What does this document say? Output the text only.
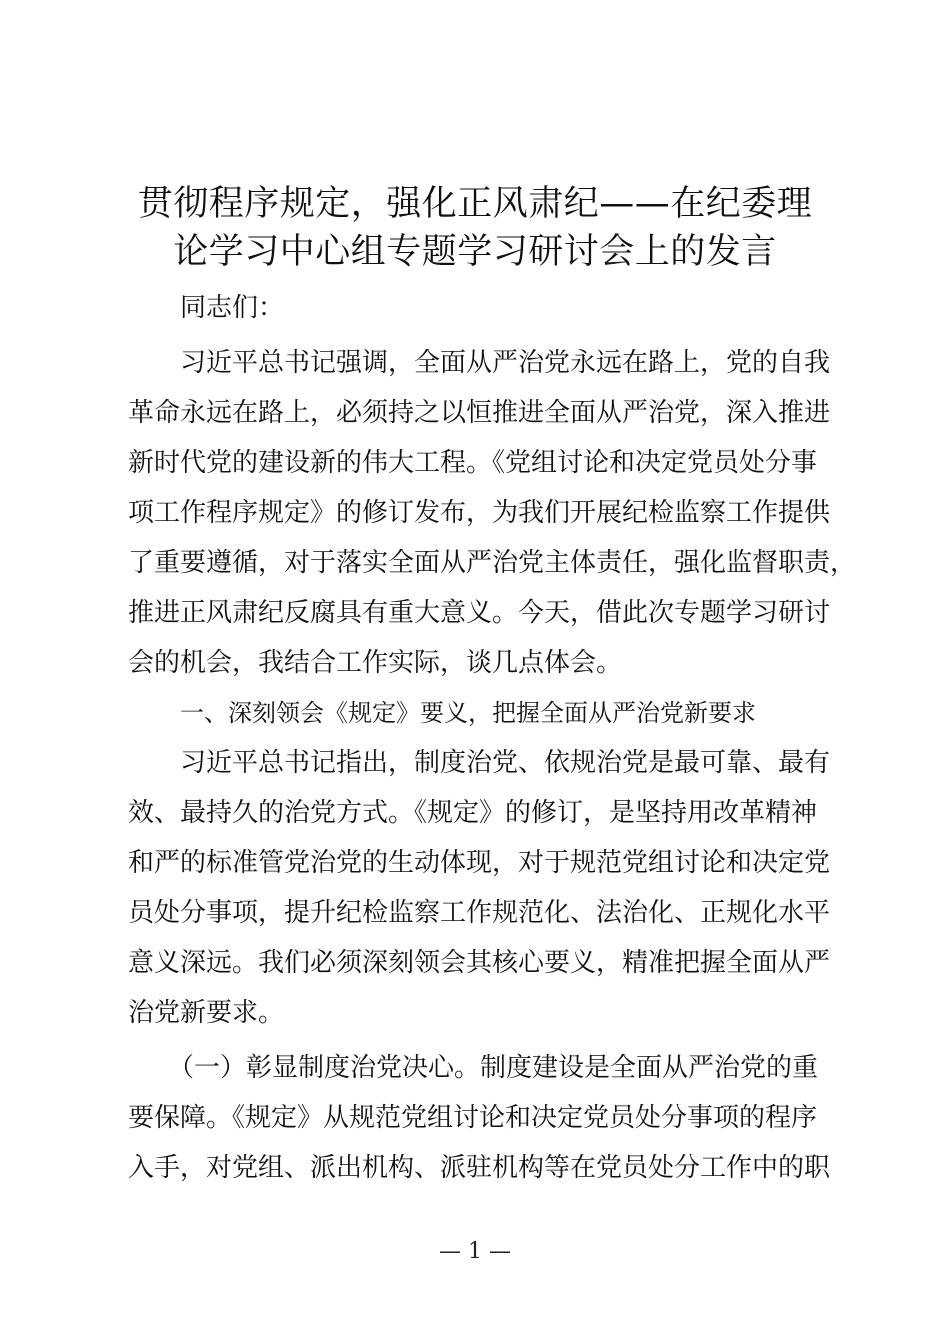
贯彻程序规定，强化正风肃纪——在纪委理
论学习中心组专题学习研讨会上的发言
同志们：
习近平总书记强调，全面从严治党永远在路上，党的自我
革命永远在路上，必须持之以恒推进全面从严治党，深入推进
新时代党的建设新的伟大工程。《党组讨论和决定党员处分事
项工作程序规定》的修订发布，为我们开展纪检监察工作提供
了重要遵循，对于落实全面从严治党主体责任，强化监督职责，
推进正风肃纪反腐具有重大意义。今天，借此次专题学习研讨
会的机会，我结合工作实际，谈几点体会。
一、深刻领会《规定》要义，把握全面从严治党新要求
习近平总书记指出，制度治党、依规治党是最可靠、最有
效、最持久的治党方式。《规定》的修订，是坚持用改革精神
和严的标准管党治党的生动体现，对于规范党组讨论和决定党
员处分事项，提升纪检监察工作规范化、法治化、正规化水平
意义深远。我们必须深刻领会其核心要义，精准把握全面从严
治党新要求。
（一）彰显制度治党决心。制度建设是全面从严治党的重
要保障。《规定》从规范党组讨论和决定党员处分事项的程序
入手，对党组、派出机构、派驻机构等在党员处分工作中的职
— 1 —
